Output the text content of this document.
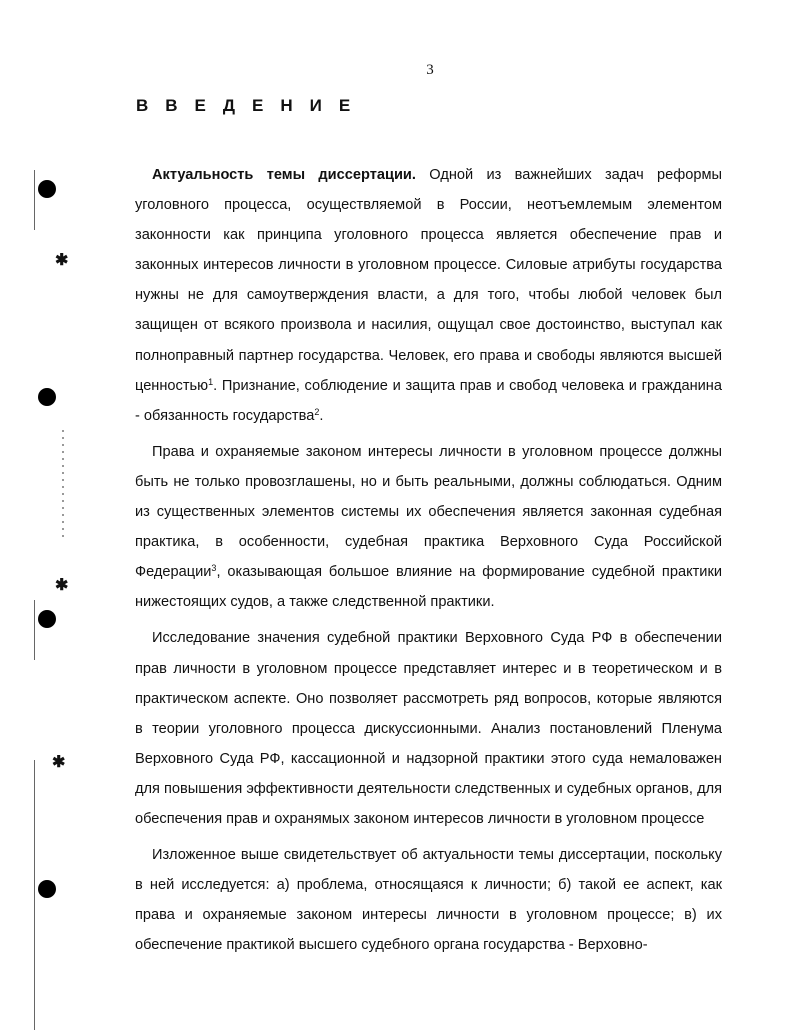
✱
✱
✱
3
ВВЕДЕНИЕ

Актуальность темы диссертации. Одной из важнейших задач реформы уголовного процесса, осуществляемой в России, неотъемлемым элементом законности как принципа уголовного процесса является обеспечение прав и законных интересов личности в уголовном процессе. Силовые атрибуты государства нужны не для самоутверждения власти, а для того, чтобы любой человек был защищен от всякого произвола и насилия, ощущал свое достоинство, выступал как полноправный партнер государства. Человек, его права и свободы являются высшей ценностью$^1$. Признание, соблюдение и защита прав и свобод человека и гражданина - обязанность государства$^2$.

Права и охраняемые законом интересы личности в уголовном процессе должны быть не только провозглашены, но и быть реальными, должны соблюдаться. Одним из существенных элементов системы их обеспечения является законная судебная практика, в особенности, судебная практика Верховного Суда Российской Федерации$^3$, оказывающая большое влияние на формирование судебной практики нижестоящих судов, а также следственной практики.

Исследование значения судебной практики Верховного Суда РФ в обеспечении прав личности в уголовном процессе представляет интерес и в теоретическом и в практическом аспекте. Оно позволяет рассмотреть ряд вопросов, которые являются в теории уголовного процесса дискуссионными. Анализ постановлений Пленума Верховного Суда РФ, кассационной и надзорной практики этого суда немаловажен для повышения эффективности деятельности следственных и судебных органов, для обеспечения прав и охранямых законом интересов личности в уголовном процессе

Изложенное выше свидетельствует об актуальности темы диссертации, поскольку в ней исследуется: а) проблема, относящаяся к личности; б) такой ее аспект, как права и охраняемые законом интересы личности в уголовном процессе; в) их обеспечение практикой высшего судебного органа государства - Верховно-
